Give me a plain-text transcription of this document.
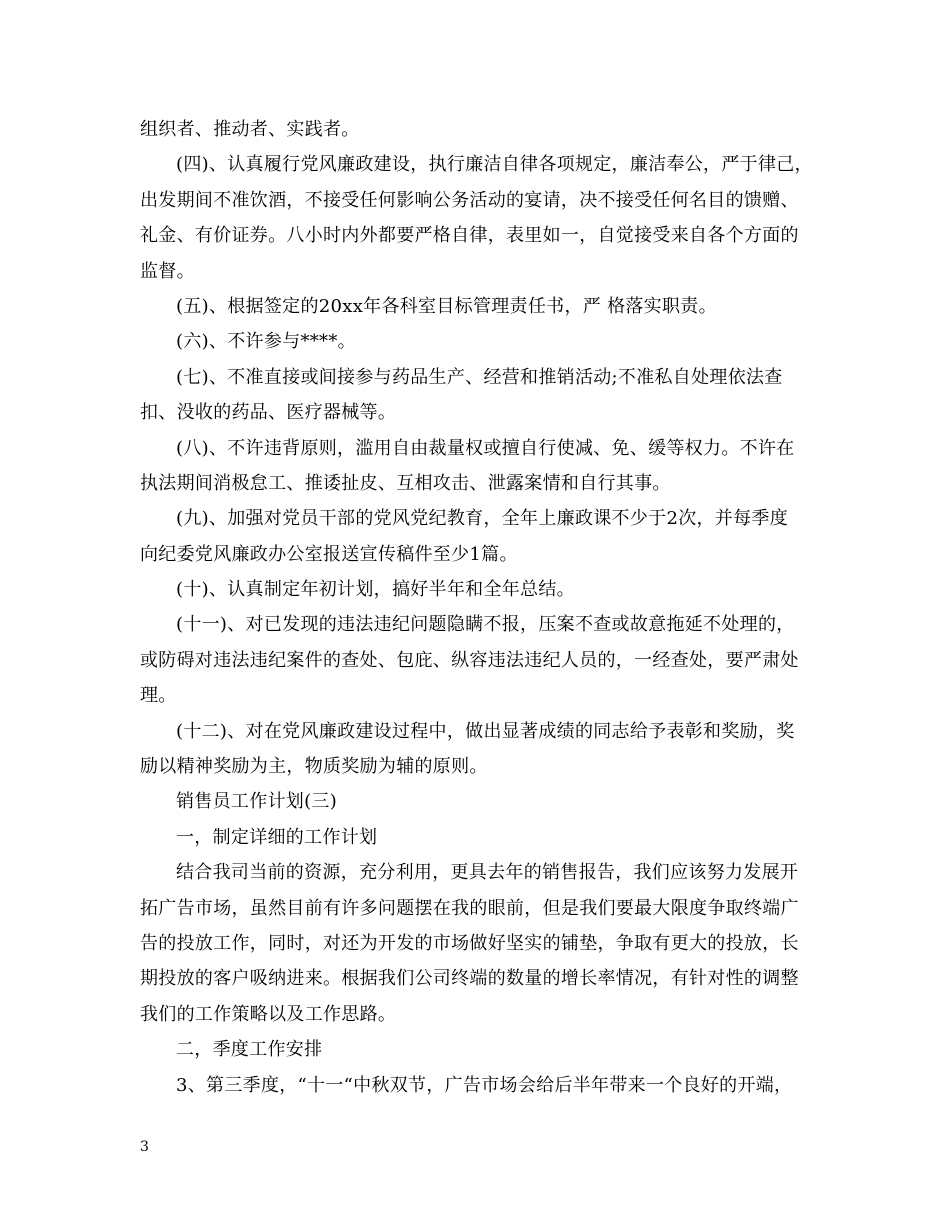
组织者、推动者、实践者。
(四)、认真履行党风廉政建设，执行廉洁自律各项规定，廉洁奉公，严于律己，
出发期间不准饮酒，不接受任何影响公务活动的宴请，决不接受任何名目的馈赠、
礼金、有价证券。八小时内外都要严格自律，表里如一，自觉接受来自各个方面的
监督。
(五)、根据签定的20xx年各科室目标管理责任书，严 格落实职责。
(六)、不许参与****。
(七)、不准直接或间接参与药品生产、经营和推销活动;不准私自处理依法查
扣、没收的药品、医疗器械等。
(八)、不许违背原则，滥用自由裁量权或擅自行使减、免、缓等权力。不许在
执法期间消极怠工、推诿扯皮、互相攻击、泄露案情和自行其事。
(九)、加强对党员干部的党风党纪教育，全年上廉政课不少于2次，并每季度
向纪委党风廉政办公室报送宣传稿件至少1篇。
(十)、认真制定年初计划，搞好半年和全年总结。
(十一)、对已发现的违法违纪问题隐瞒不报，压案不查或故意拖延不处理的，
或防碍对违法违纪案件的查处、包庇、纵容违法违纪人员的，一经查处，要严肃处
理。
(十二)、对在党风廉政建设过程中，做出显著成绩的同志给予表彰和奖励，奖
励以精神奖励为主，物质奖励为辅的原则。
销售员工作计划(三)
一，制定详细的工作计划
结合我司当前的资源，充分利用，更具去年的销售报告，我们应该努力发展开
拓广告市场，虽然目前有许多问题摆在我的眼前，但是我们要最大限度争取终端广
告的投放工作，同时，对还为开发的市场做好坚实的铺垫，争取有更大的投放，长
期投放的客户吸纳进来。根据我们公司终端的数量的增长率情况，有针对性的调整
我们的工作策略以及工作思路。
二，季度工作安排
3、第三季度，“十一“中秋双节，广告市场会给后半年带来一个良好的开端，
3
